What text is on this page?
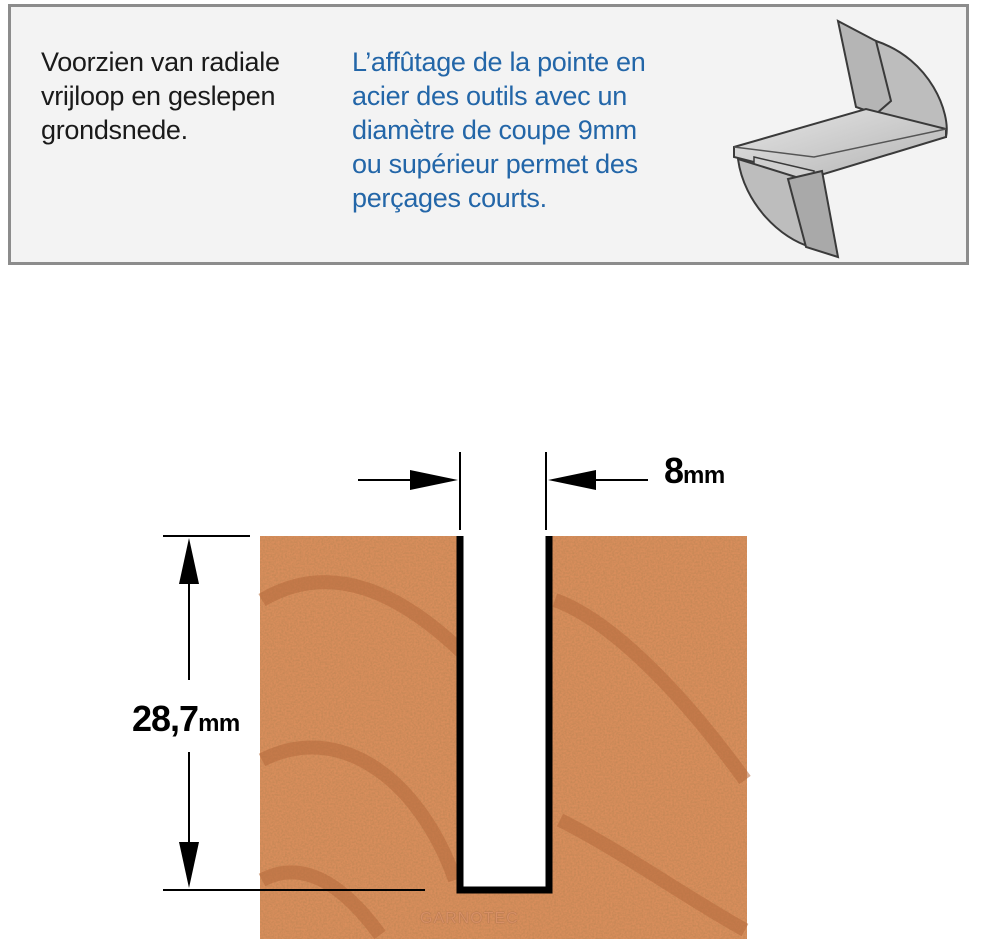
Voorzien van radiale
vrijloop en geslepen
grondsnede.
L’affûtage de la pointe en
acier des outils avec un
diamètre de coupe 9mm
ou supérieur permet des
perçages courts.
8mm
28,7mm
GARNOTEC
